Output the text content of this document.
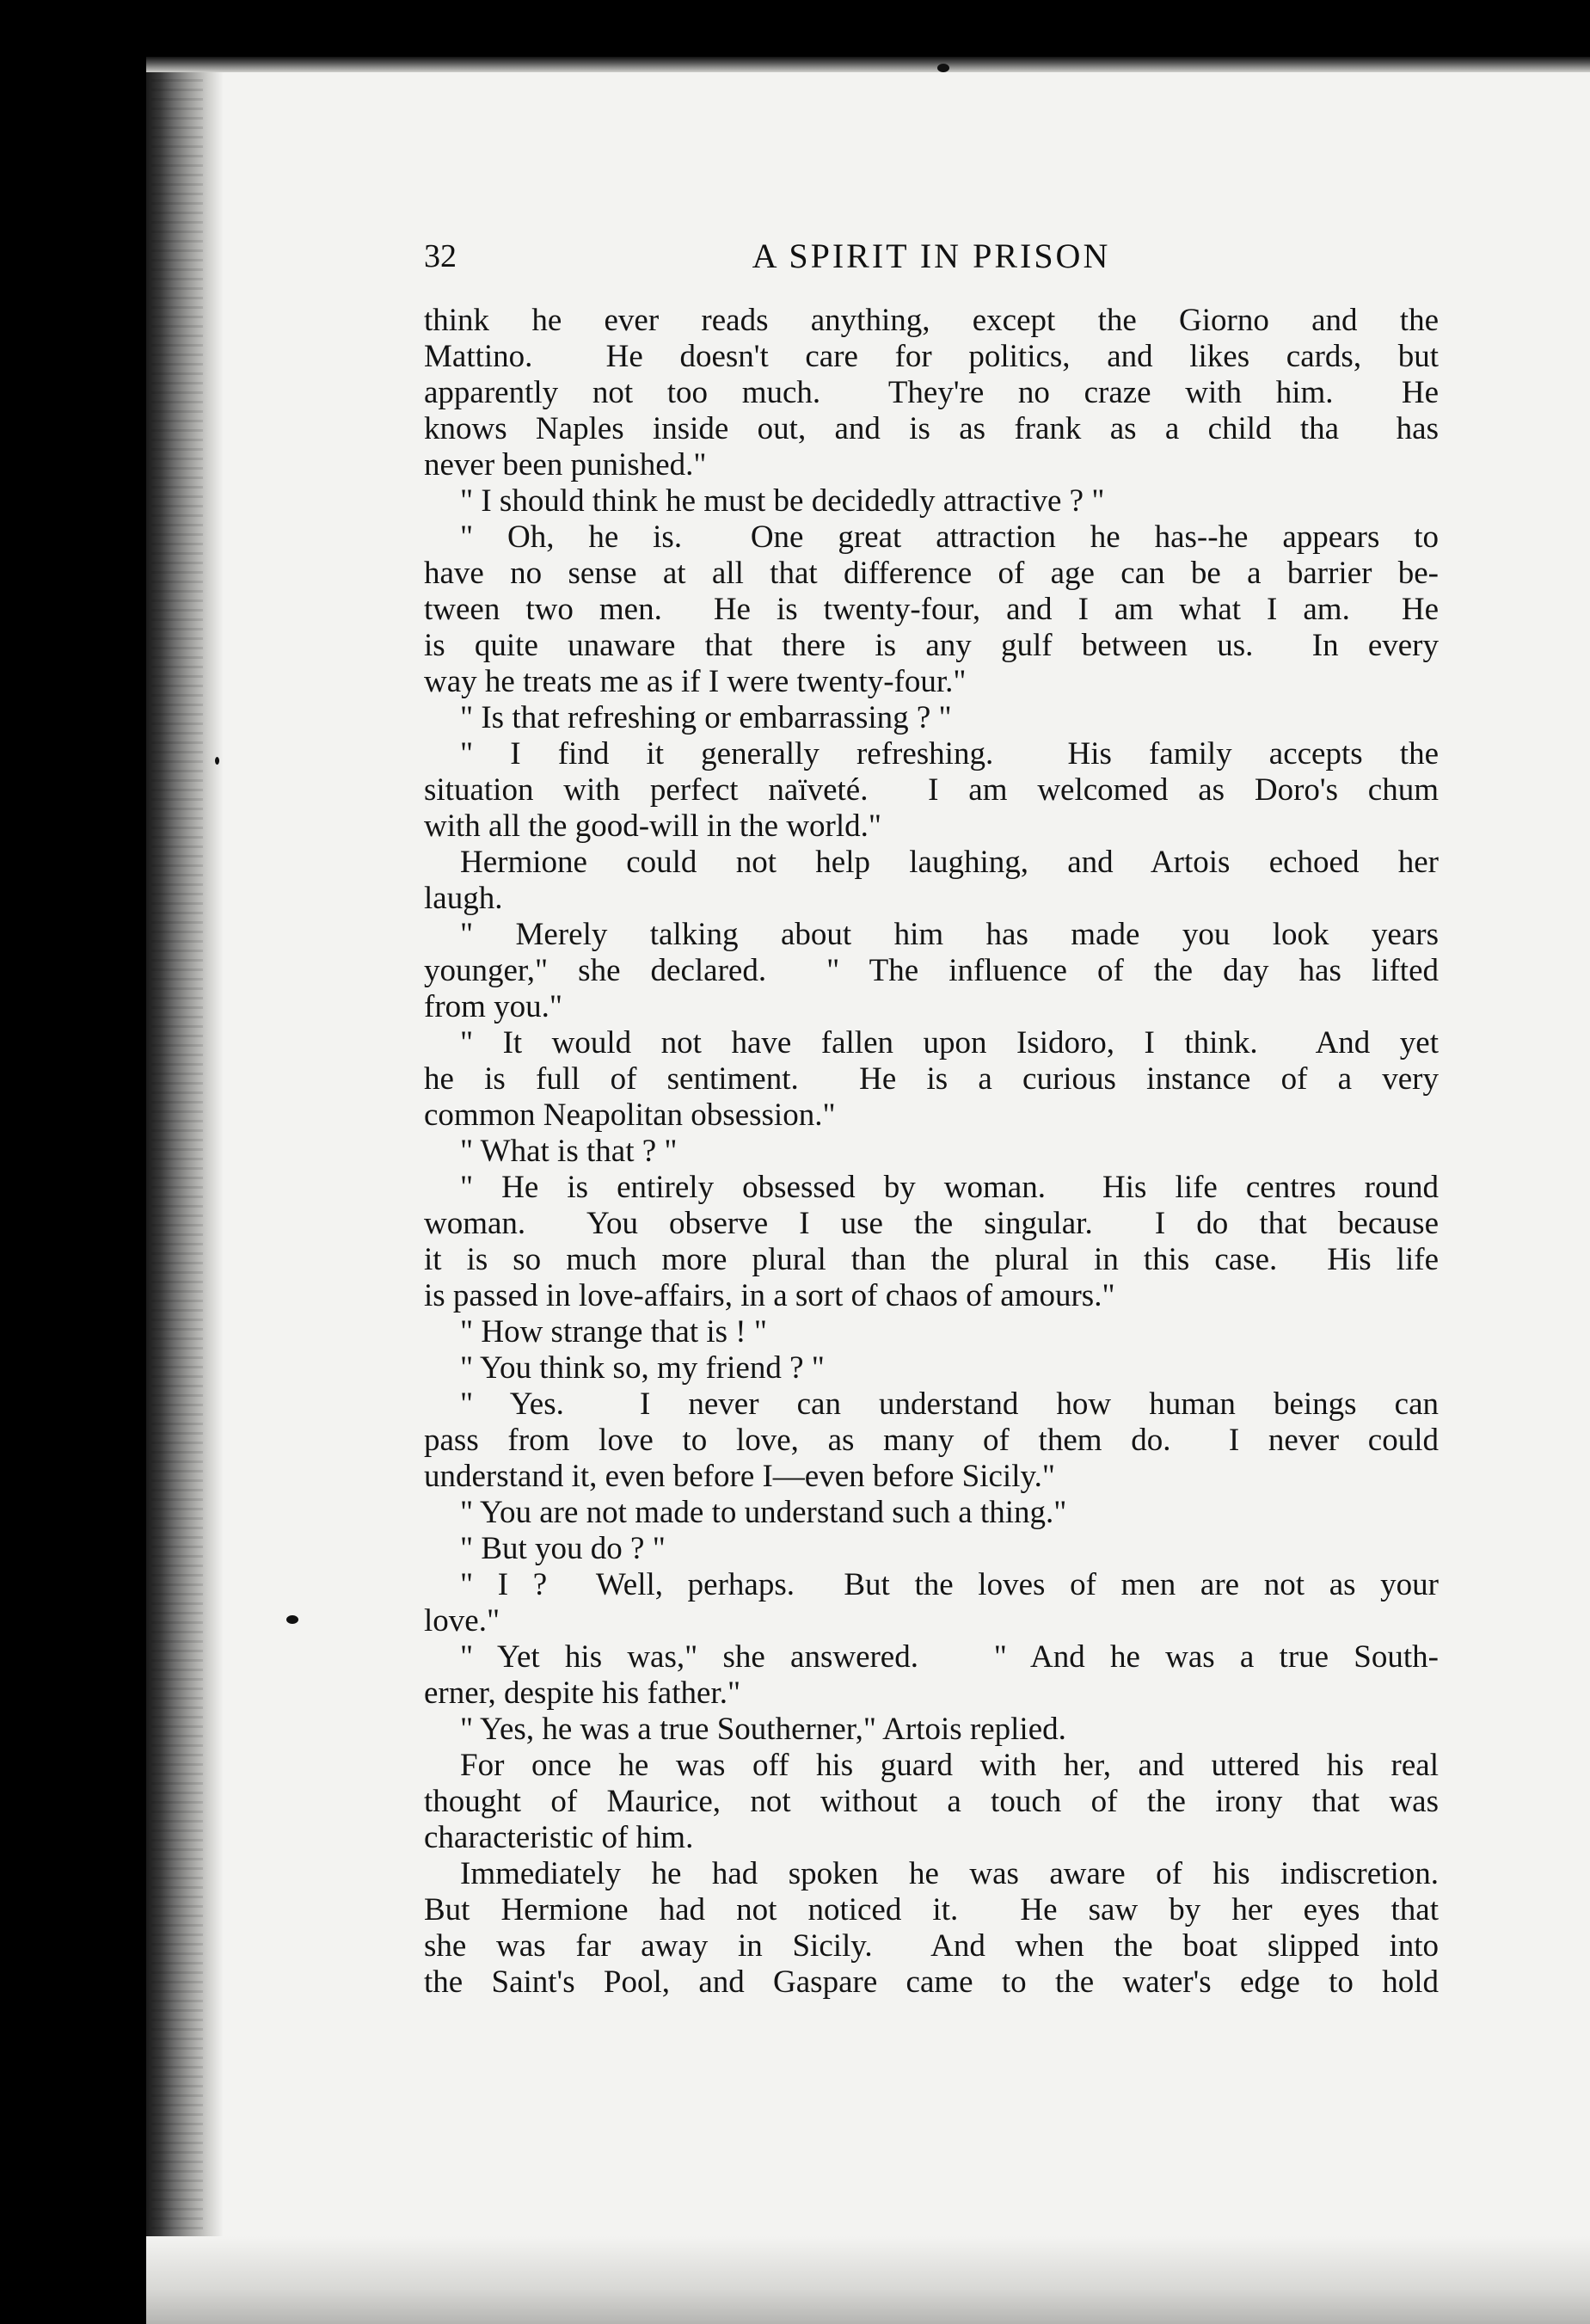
32	A SPIRIT IN PRISON
think he ever reads anything, except the Giorno and the
Mattino.  He doesn't care for politics, and likes cards, but
apparently not too much.  They're no craze with him.  He
knows Naples inside out, and is as frank as a child tha  has
never been punished."
" I should think he must be decidedly attractive ? "
" Oh, he is.  One great attraction he has--he appears to
have no sense at all that difference of age can be a barrier be-
tween two men.  He is twenty-four, and I am what I am.  He
is quite unaware that there is any gulf between us.  In every
way he treats me as if I were twenty-four."
" Is that refreshing or embarrassing ? "
" I find it generally refreshing.  His family accepts the
situation with perfect naïveté.  I am welcomed as Doro's chum
with all the good-will in the world."
Hermione could not help laughing, and Artois echoed her
laugh.
" Merely talking about him has made you look years
younger," she declared.  " The influence of the day has lifted
from you."
" It would not have fallen upon Isidoro, I think.  And yet
he is full of sentiment.  He is a curious instance of a very
common Neapolitan obsession."
" What is that ? "
" He is entirely obsessed by woman.  His life centres round
woman.  You observe I use the singular.  I do that because
it is so much more plural than the plural in this case.  His life
is passed in love-affairs, in a sort of chaos of amours."
" How strange that is ! "
" You think so, my friend ? "
" Yes.  I never can understand how human beings can
pass from love to love, as many of them do.  I never could
understand it, even before I—even before Sicily."
" You are not made to understand such a thing."
" But you do ? "
" I ?  Well, perhaps.  But the loves of men are not as your
love."
" Yet his was," she answered.   " And he was a true South-
erner, despite his father."
" Yes, he was a true Southerner," Artois replied.
For once he was off his guard with her, and uttered his real
thought of Maurice, not without a touch of the irony that was
characteristic of him.
Immediately he had spoken he was aware of his indiscretion.
But Hermione had not noticed it.  He saw by her eyes that
she was far away in Sicily.  And when the boat slipped into
the Saint's Pool, and Gaspare came to the water's edge to hold
